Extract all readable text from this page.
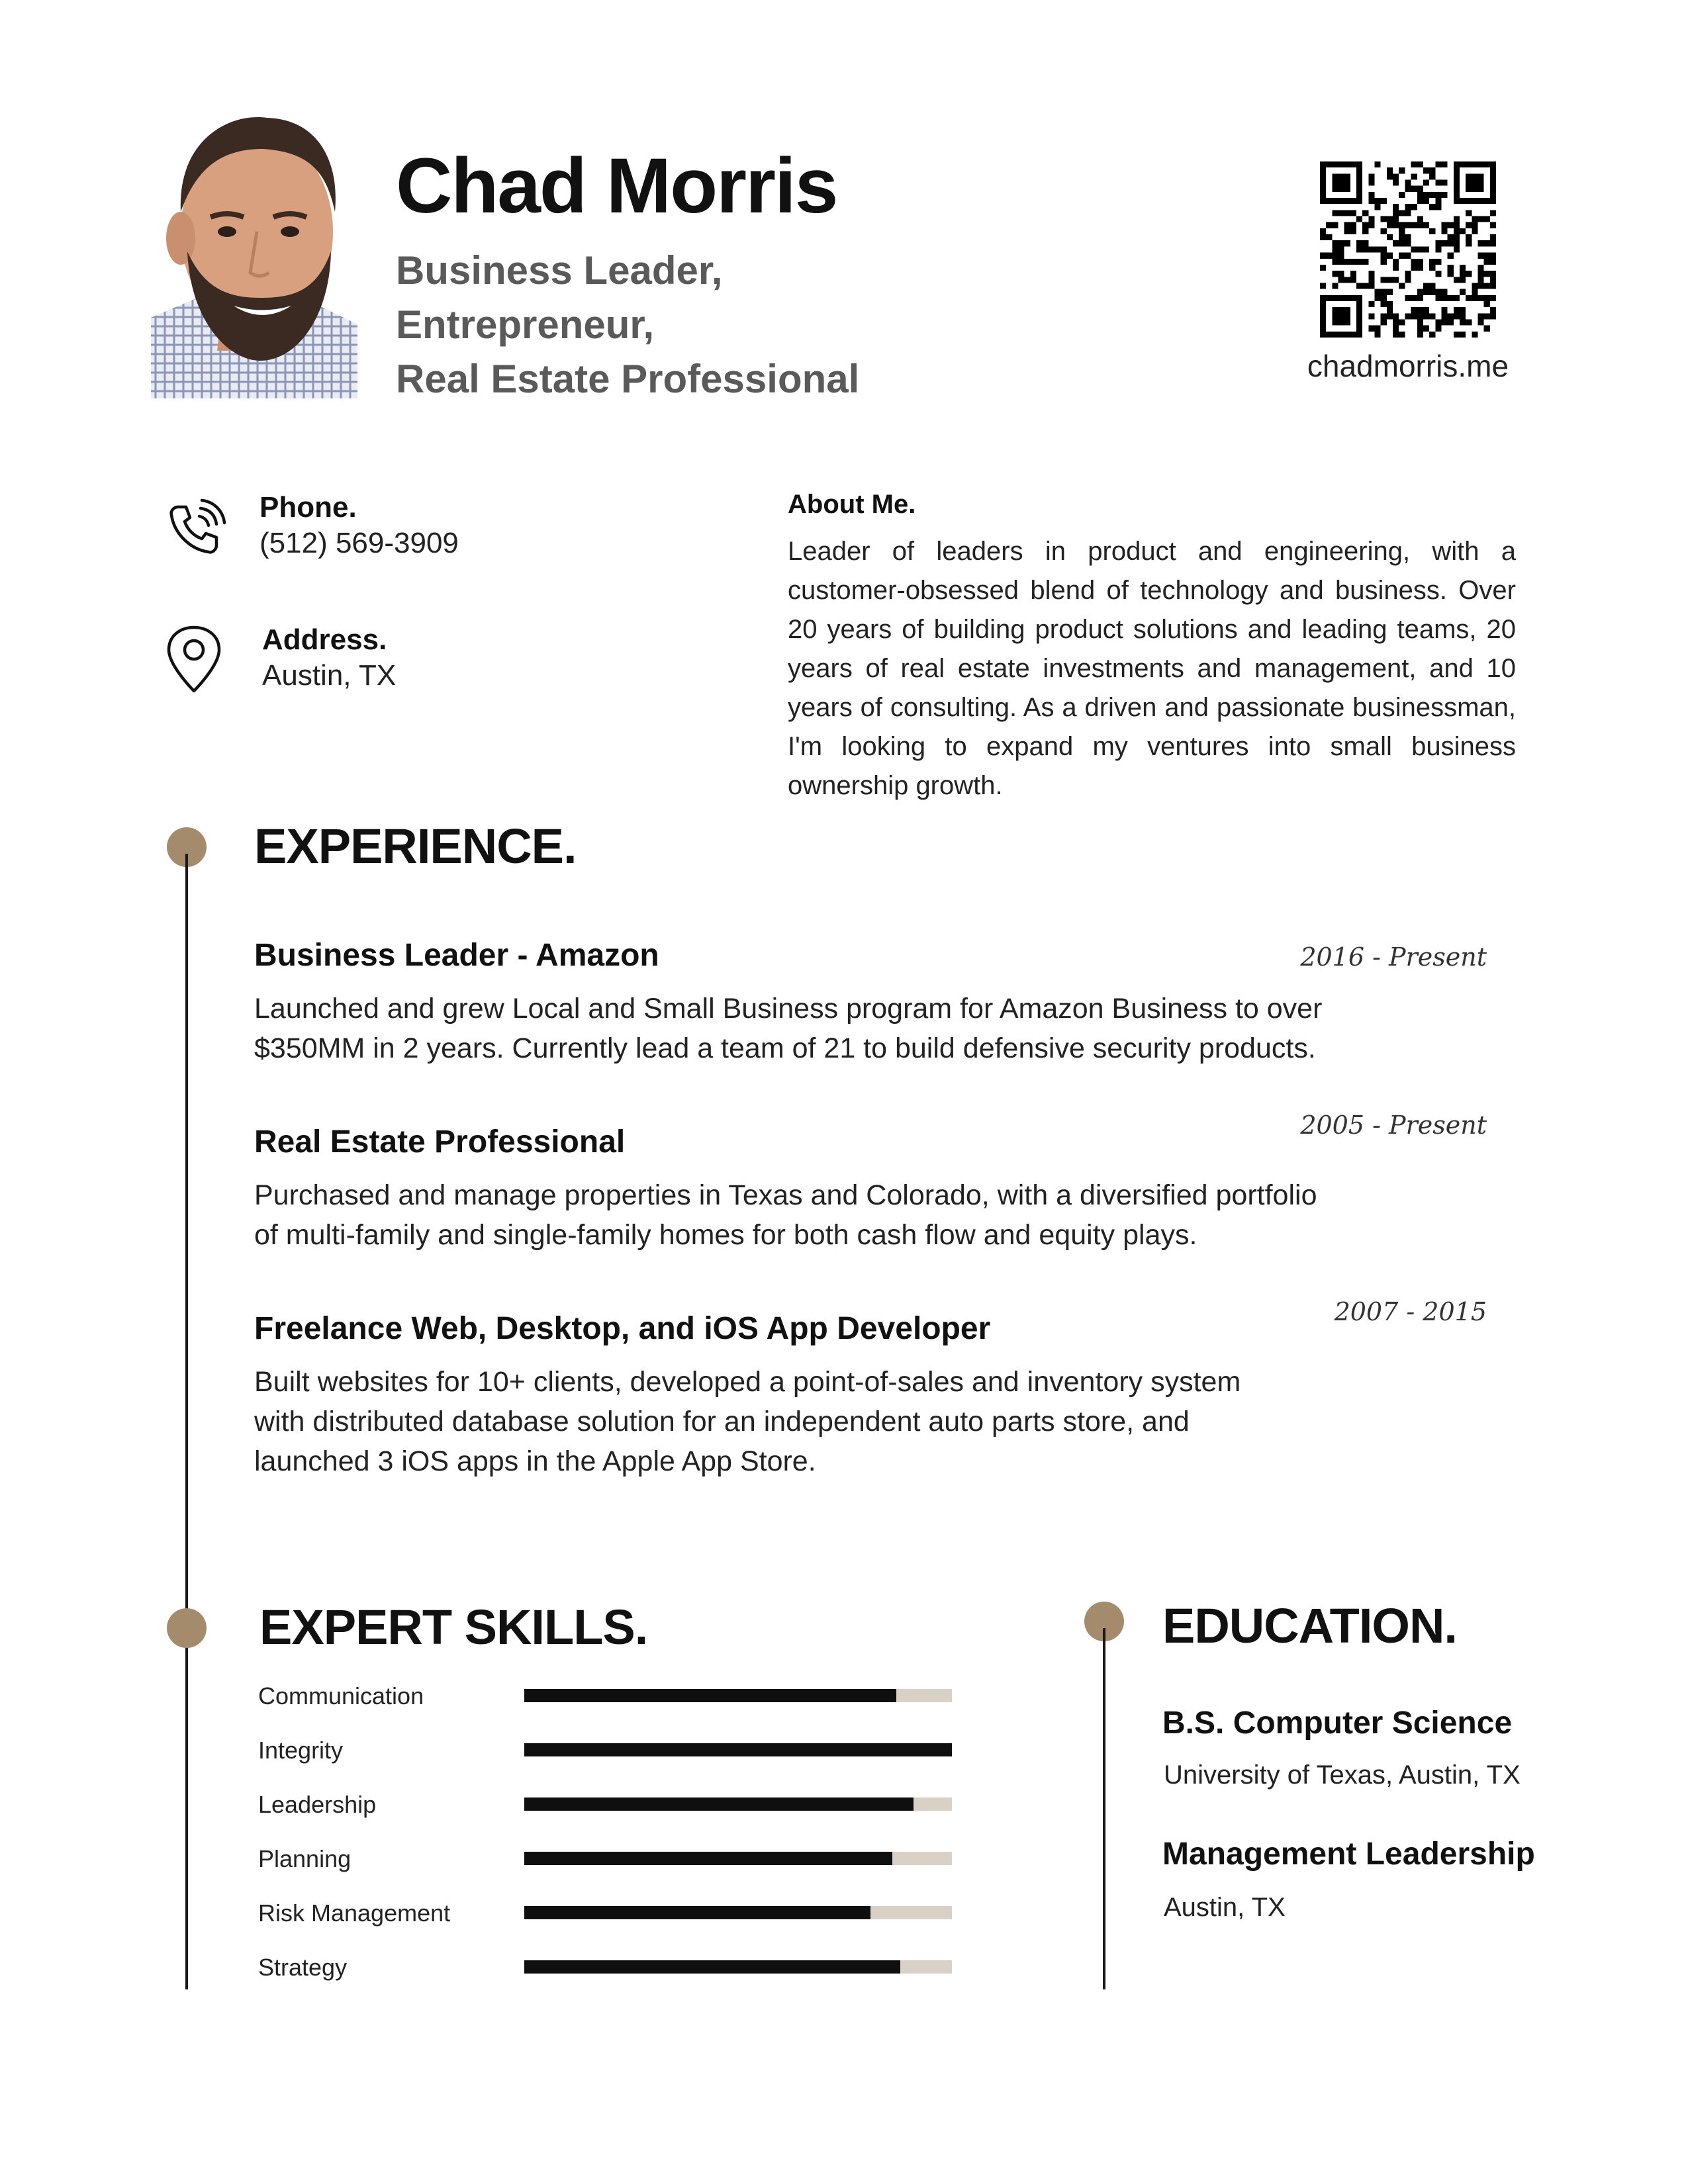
Chad Morris
Business Leader, Entrepreneur,
Real Estate Professional	chadmorris.me
Phone.
(512) 569-3909
Address.
Austin, TX
About Me.
Leader of leaders in product and engineering, with a customer-obsessed blend of technology and business. Over 20 years of building product solutions and leading teams, 20 years of real estate investments and management, and 10 years of consulting. As a driven and passionate businessman, I'm looking to expand my ventures into small business ownership growth.
EXPERIENCE.
Business Leader - Amazon	2016 - Present
Launched and grew Local and Small Business program for Amazon Business to over
$350MM in 2 years. Currently lead a team of 21 to build defensive security products.
Real Estate Professional	2005 - Present
Purchased and manage properties in Texas and Colorado, with a diversified portfolio
of multi-family and single-family homes for both cash flow and equity plays.
Freelance Web, Desktop, and iOS App Developer	2007 - 2015
Built websites for 10+ clients, developed a point-of-sales and inventory system
with distributed database solution for an independent auto parts store, and
launched 3 iOS apps in the Apple App Store.
EXPERT SKILLS.
Communication
Integrity
Leadership
Planning
Risk Management
Strategy
EDUCATION.
B.S. Computer Science
University of Texas, Austin, TX
Management Leadership
Austin, TX
